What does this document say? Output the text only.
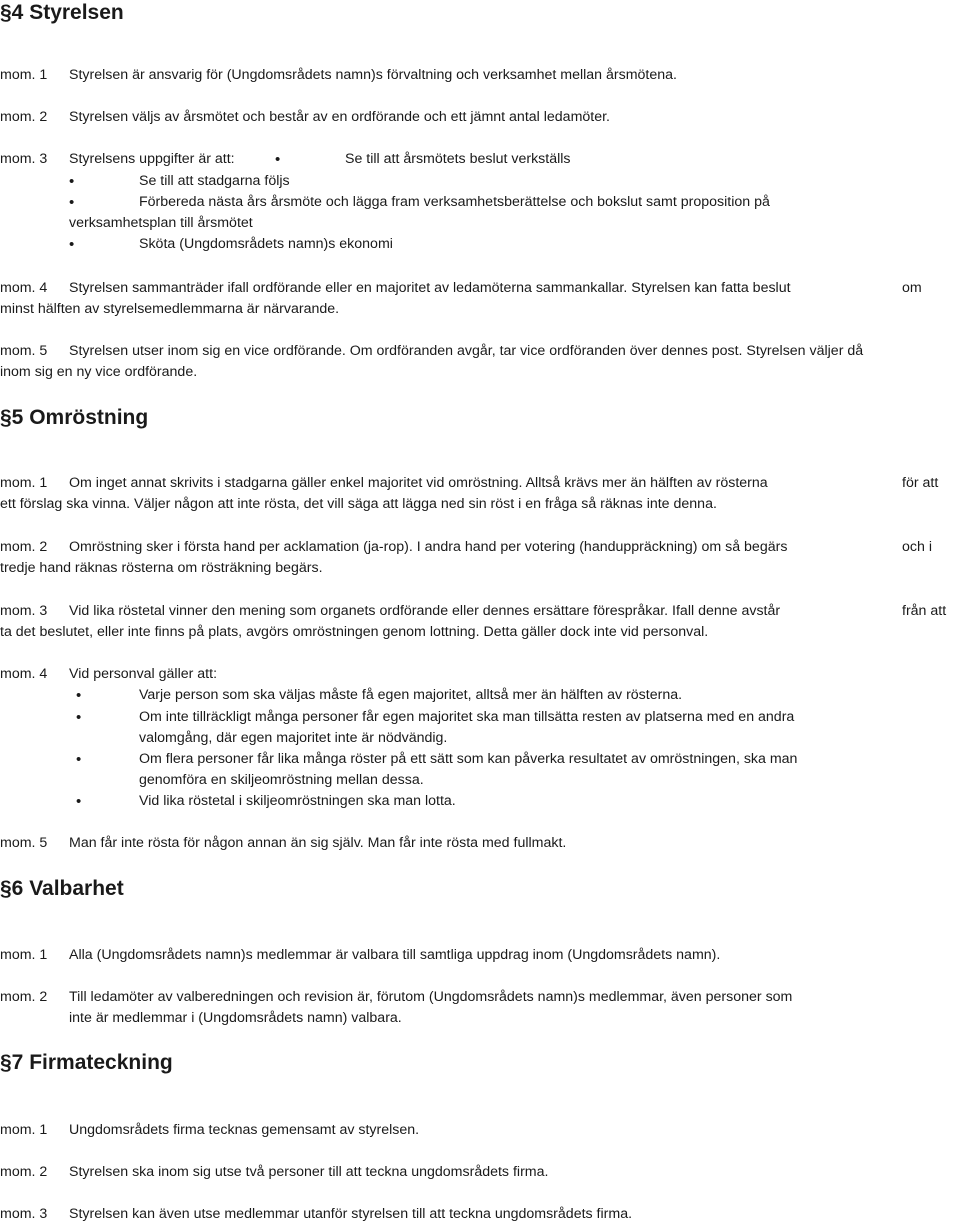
§4 Styrelsen
mom. 1 Styrelsen är ansvarig för (Ungdomsrådets namn)s förvaltning och verksamhet mellan årsmötena.
mom. 2 Styrelsen väljs av årsmötet och består av en ordförande och ett jämnt antal ledamöter.
mom. 3 Styrelsens uppgifter är att:	•	Se till att årsmötets beslut verkställs
•	Se till att stadgarna följs
•	Förbereda nästa års årsmöte och lägga fram verksamhetsberättelse och bokslut samt proposition på
verksamhetsplan till årsmötet
•	Sköta (Ungdomsrådets namn)s ekonomi
mom. 4 Styrelsen sammanträder ifall ordförande eller en majoritet av ledamöterna sammankallar. Styrelsen kan fatta beslut	om
minst hälften av styrelsemedlemmarna är närvarande.
mom. 5 Styrelsen utser inom sig en vice ordförande. Om ordföranden avgår, tar vice ordföranden över dennes post. Styrelsen väljer då
inom sig en ny vice ordförande.
§5 Omröstning
mom. 1 Om inget annat skrivits i stadgarna gäller enkel majoritet vid omröstning. Alltså krävs mer än hälften av rösterna	för att
ett förslag ska vinna. Väljer någon att inte rösta, det vill säga att lägga ned sin röst i en fråga så räknas inte denna.
mom. 2 Omröstning sker i första hand per acklamation (ja-rop). I andra hand per votering (handuppräckning) om så begärs	och i
tredje hand räknas rösterna om rösträkning begärs.
mom. 3 Vid lika röstetal vinner den mening som organets ordförande eller dennes ersättare förespråkar. Ifall denne avstår	från att
ta det beslutet, eller inte finns på plats, avgörs omröstningen genom lottning. Detta gäller dock inte vid personval.
mom. 4 Vid personval gäller att:
•	Varje person som ska väljas måste få egen majoritet, alltså mer än hälften av rösterna.
•	Om inte tillräckligt många personer får egen majoritet ska man tillsätta resten av platserna med en andra
valomgång, där egen majoritet inte är nödvändig.
•	Om flera personer får lika många röster på ett sätt som kan påverka resultatet av omröstningen, ska man
genomföra en skiljeomröstning mellan dessa.
•	Vid lika röstetal i skiljeomröstningen ska man lotta.
mom. 5 Man får inte rösta för någon annan än sig själv. Man får inte rösta med fullmakt.
§6 Valbarhet
mom. 1 Alla (Ungdomsrådets namn)s medlemmar är valbara till samtliga uppdrag inom (Ungdomsrådets namn).
mom. 2 Till ledamöter av valberedningen och revision är, förutom (Ungdomsrådets namn)s medlemmar, även personer som
inte är medlemmar i (Ungdomsrådets namn) valbara.
§7 Firmateckning
mom. 1 Ungdomsrådets firma tecknas gemensamt av styrelsen.
mom. 2 Styrelsen ska inom sig utse två personer till att teckna ungdomsrådets firma.
mom. 3 Styrelsen kan även utse medlemmar utanför styrelsen till att teckna ungdomsrådets firma.
